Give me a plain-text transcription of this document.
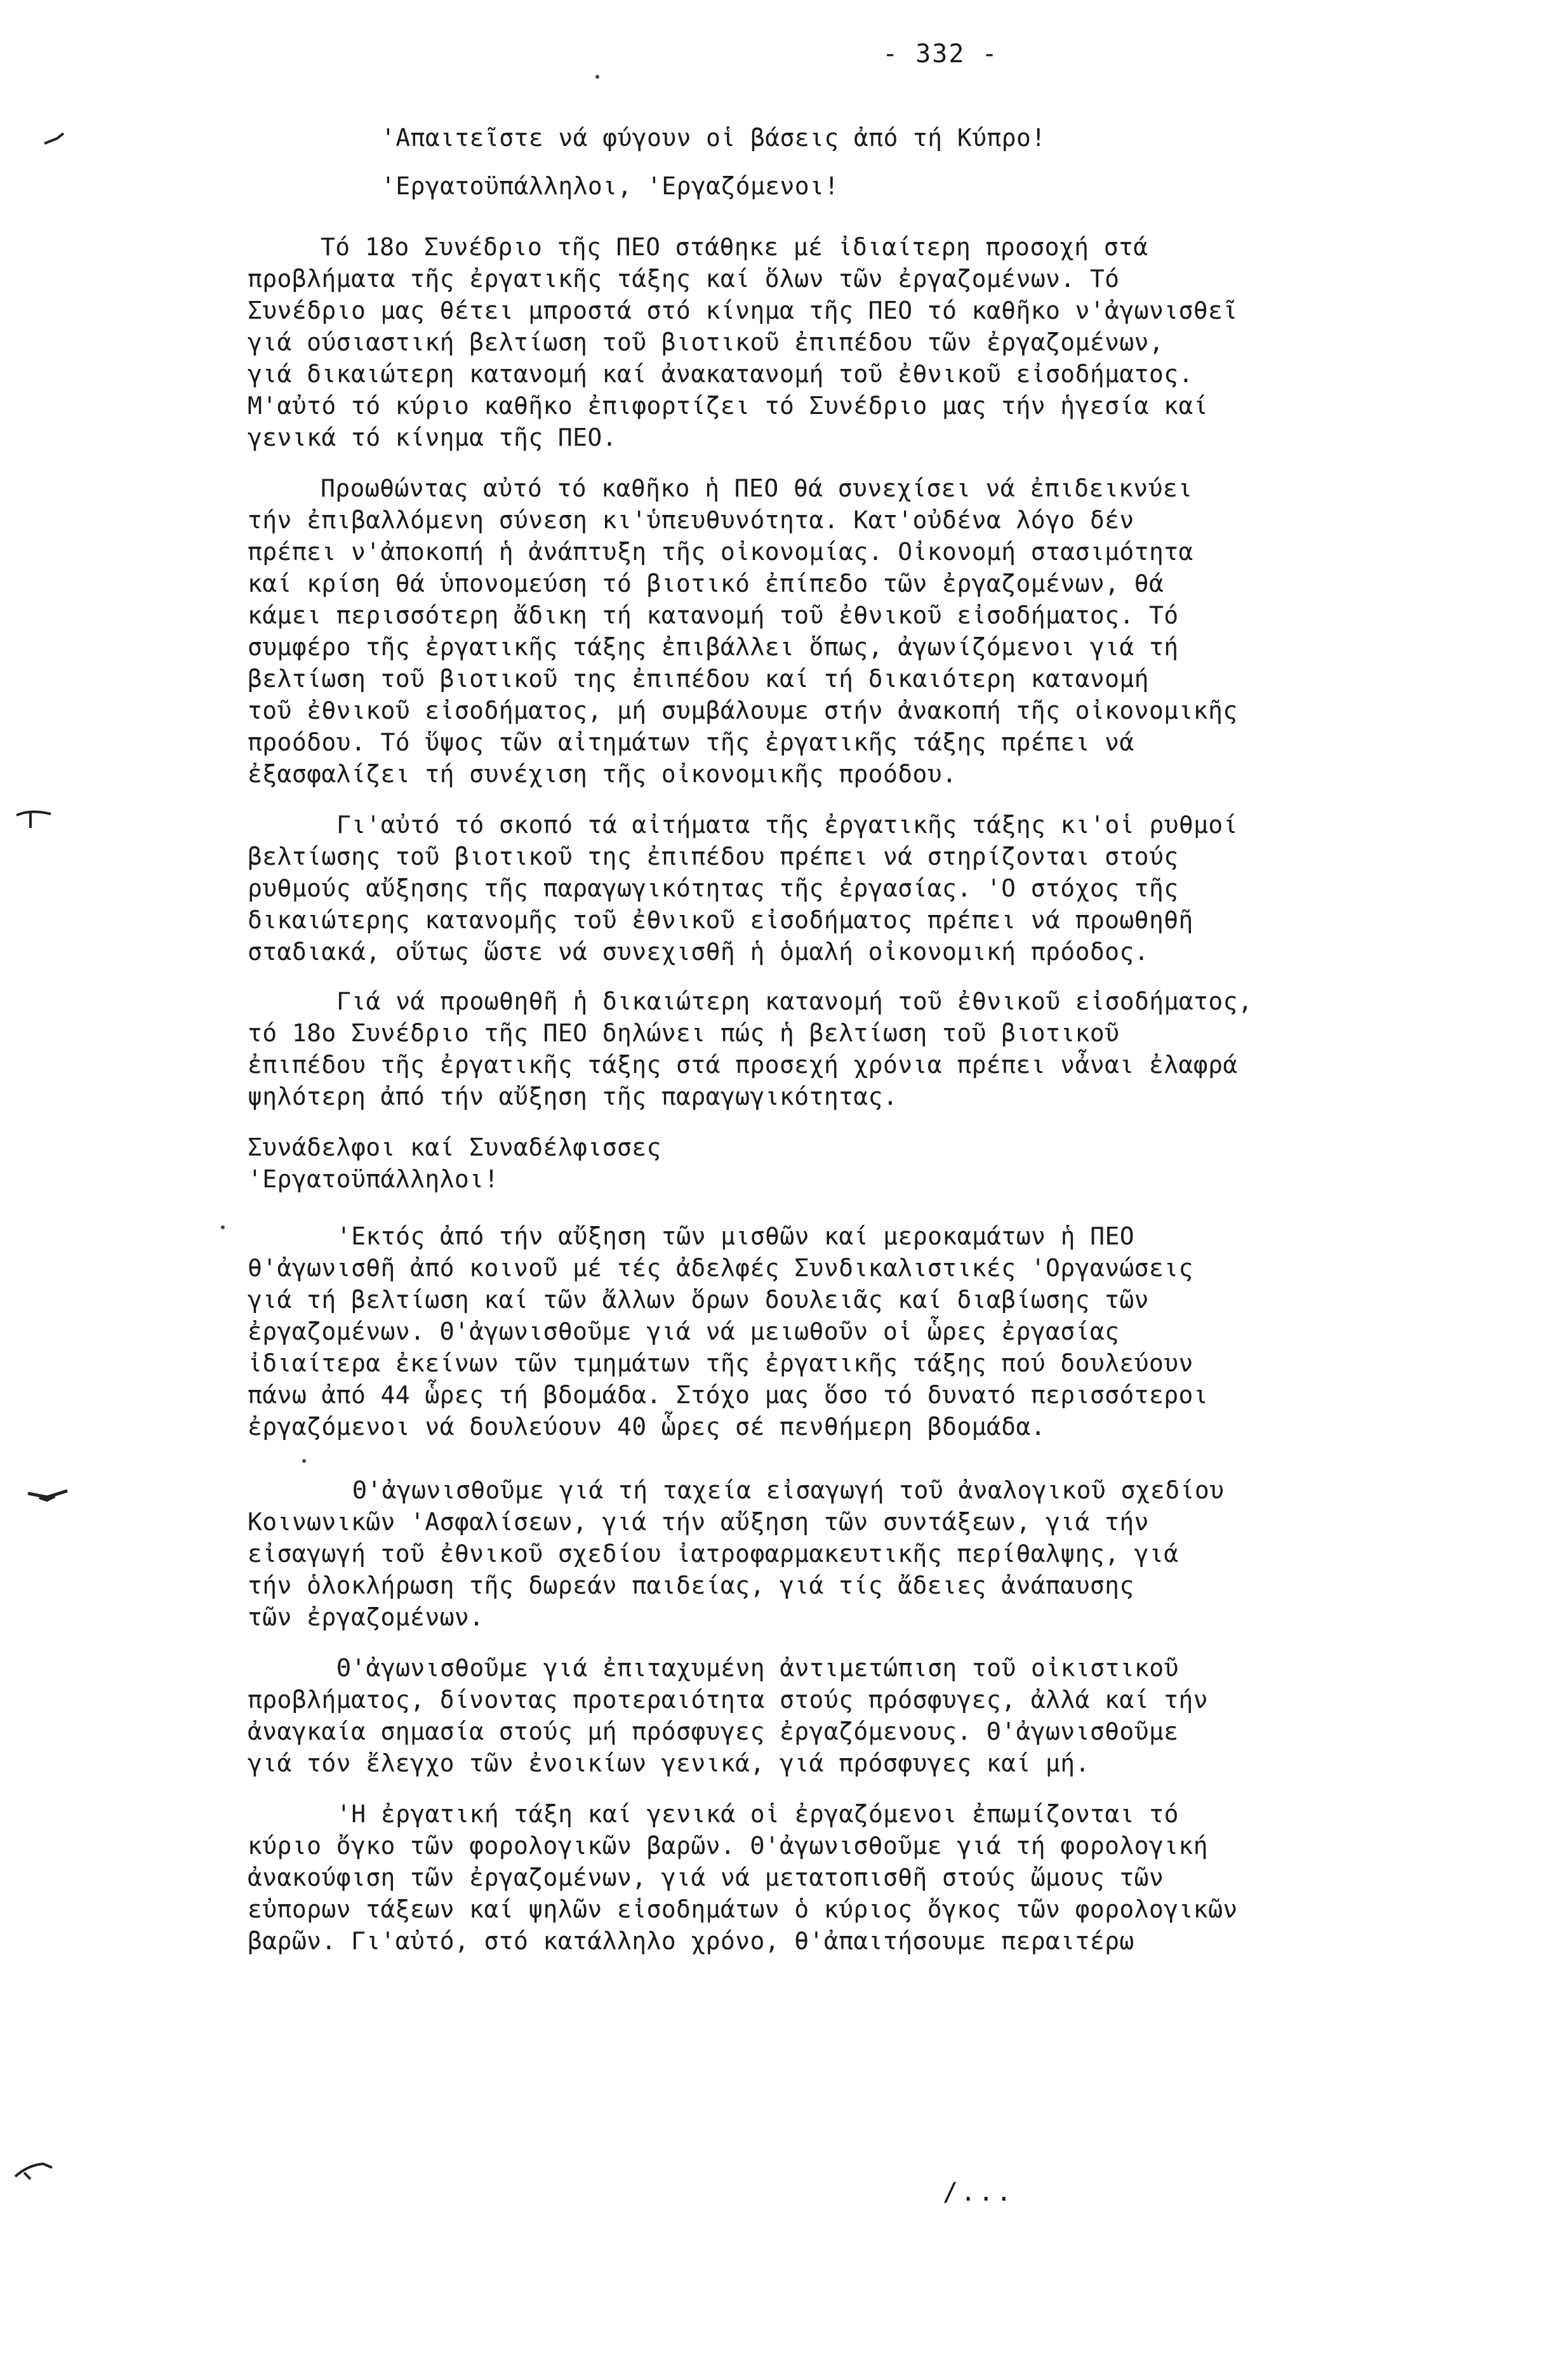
- 332 -
'Απαιτεῖστε νά φύγουν οἱ βάσεις ἀπό τή Κύπρο!
'Εργατοϋπάλληλοι, 'Εργαζόμενοι!
Τό 18ο Συνέδριο τῆς ΠΕΟ στάθηκε μέ ἰδιαίτερη προσοχή στά
προβλήματα τῆς ἐργατικῆς τάξης καί ὅλων τῶν ἐργαζομένων. Τό
Συνέδριο μας θέτει μπροστά στό κίνημα τῆς ΠΕΟ τό καθῆκο ν'ἀγωνισθεῖ
γιά ούσιαστική βελτίωση τοῦ βιοτικοῦ ἐπιπέδου τῶν ἐργαζομένων,
γιά δικαιώτερη κατανομή καί ἀνακατανομή τοῦ ἐθνικοῦ εἰσοδήματος.
Μ'αὐτό τό κύριο καθῆκο ἐπιφορτίζει τό Συνέδριο μας τήν ἡγεσία καί
γενικά τό κίνημα τῆς ΠΕΟ.
Προωθώντας αὐτό τό καθῆκο ἡ ΠΕΟ θά συνεχίσει νά ἐπιδεικνύει
τήν ἐπιβαλλόμενη σύνεση κι'ὑπευθυνότητα. Κατ'οὐδένα λόγο δέν
πρέπει ν'ἀποκοπή ἡ ἀνάπτυξη τῆς οἰκονομίας. Οἰκονομή στασιμότητα
καί κρίση θά ὑπονομεύση τό βιοτικό ἐπίπεδο τῶν ἐργαζομένων, θά
κάμει περισσότερη ἄδικη τή κατανομή τοῦ ἐθνικοῦ εἰσοδήματος. Τό
συμφέρο τῆς ἐργατικῆς τάξης ἐπιβάλλει ὅπως, ἀγωνίζόμενοι γιά τή
βελτίωση τοῦ βιοτικοῦ της ἐπιπέδου καί τή δικαιότερη κατανομή
τοῦ ἐθνικοῦ εἰσοδήματος, μή συμβάλουμε στήν ἀνακοπή τῆς οἰκονομικῆς
προόδου. Τό ὕψος τῶν αἰτημάτων τῆς ἐργατικῆς τάξης πρέπει νά
ἐξασφαλίζει τή συνέχιση τῆς οἰκονομικῆς προόδου.
Γι'αὐτό τό σκοπό τά αἰτήματα τῆς ἐργατικῆς τάξης κι'οἱ ρυθμοί
βελτίωσης τοῦ βιοτικοῦ της ἐπιπέδου πρέπει νά στηρίζονται στούς
ρυθμούς αὔξησης τῆς παραγωγικότητας τῆς ἐργασίας. 'Ο στόχος τῆς
δικαιώτερης κατανομῆς τοῦ ἐθνικοῦ εἰσοδήματος πρέπει νά προωθηθῆ
σταδιακά, οὕτως ὥστε νά συνεχισθῆ ἡ ὁμαλή οἰκονομική πρόοδος.
Γιά νά προωθηθῆ ἡ δικαιώτερη κατανομή τοῦ ἐθνικοῦ εἰσοδήματος,
τό 18ο Συνέδριο τῆς ΠΕΟ δηλώνει πώς ἡ βελτίωση τοῦ βιοτικοῦ
ἐπιπέδου τῆς ἐργατικῆς τάξης στά προσεχή χρόνια πρέπει νἆναι ἐλαφρά
ψηλότερη ἀπό τήν αὔξηση τῆς παραγωγικότητας.
Συνάδελφοι καί Συναδέλφισσες
'Εργατοϋπάλληλοι!
'Εκτός ἀπό τήν αὔξηση τῶν μισθῶν καί μεροκαμάτων ἡ ΠΕΟ
θ'ἀγωνισθῆ ἀπό κοινοῦ μέ τές ἀδελφές Συνδικαλιστικές 'Οργανώσεις
γιά τή βελτίωση καί τῶν ἄλλων ὅρων δουλειᾶς καί διαβίωσης τῶν
ἐργαζομένων. Θ'ἀγωνισθοῦμε γιά νά μειωθοῦν οἱ ὧρες ἐργασίας
ἰδιαίτερα ἐκείνων τῶν τμημάτων τῆς ἐργατικῆς τάξης πού δουλεύουν
πάνω ἀπό 44 ὧρες τή βδομάδα. Στόχο μας ὅσο τό δυνατό περισσότεροι
ἐργαζόμενοι νά δουλεύουν 40 ὧρες σέ πενθήμερη βδομάδα.
Θ'ἀγωνισθοῦμε γιά τή ταχεία εἰσαγωγή τοῦ ἀναλογικοῦ σχεδίου
Κοινωνικῶν 'Ασφαλίσεων, γιά τήν αὔξηση τῶν συντάξεων, γιά τήν
εἰσαγωγή τοῦ ἐθνικοῦ σχεδίου ἰατροφαρμακευτικῆς περίθαλψης, γιά
τήν ὁλοκλήρωση τῆς δωρεάν παιδείας, γιά τίς ἄδειες ἀνάπαυσης
τῶν ἐργαζομένων.
Θ'ἀγωνισθοῦμε γιά ἐπιταχυμένη ἀντιμετώπιση τοῦ οἰκιστικοῦ
προβλήματος, δίνοντας προτεραιότητα στούς πρόσφυγες, ἀλλά καί τήν
ἀναγκαία σημασία στούς μή πρόσφυγες ἐργαζόμενους. Θ'ἀγωνισθοῦμε
γιά τόν ἔλεγχο τῶν ἐνοικίων γενικά, γιά πρόσφυγες καί μή.
'Η ἐργατική τάξη καί γενικά οἱ ἐργαζόμενοι ἐπωμίζονται τό
κύριο ὄγκο τῶν φορολογικῶν βαρῶν. Θ'ἀγωνισθοῦμε γιά τή φορολογική
ἀνακούφιση τῶν ἐργαζομένων, γιά νά μετατοπισθῆ στούς ὤμους τῶν
εὐπορων τάξεων καί ψηλῶν εἰσοδημάτων ὁ κύριος ὄγκος τῶν φορολογικῶν
βαρῶν. Γι'αὐτό, στό κατάλληλο χρόνο, θ'ἀπαιτήσουμε περαιτέρω
/...
